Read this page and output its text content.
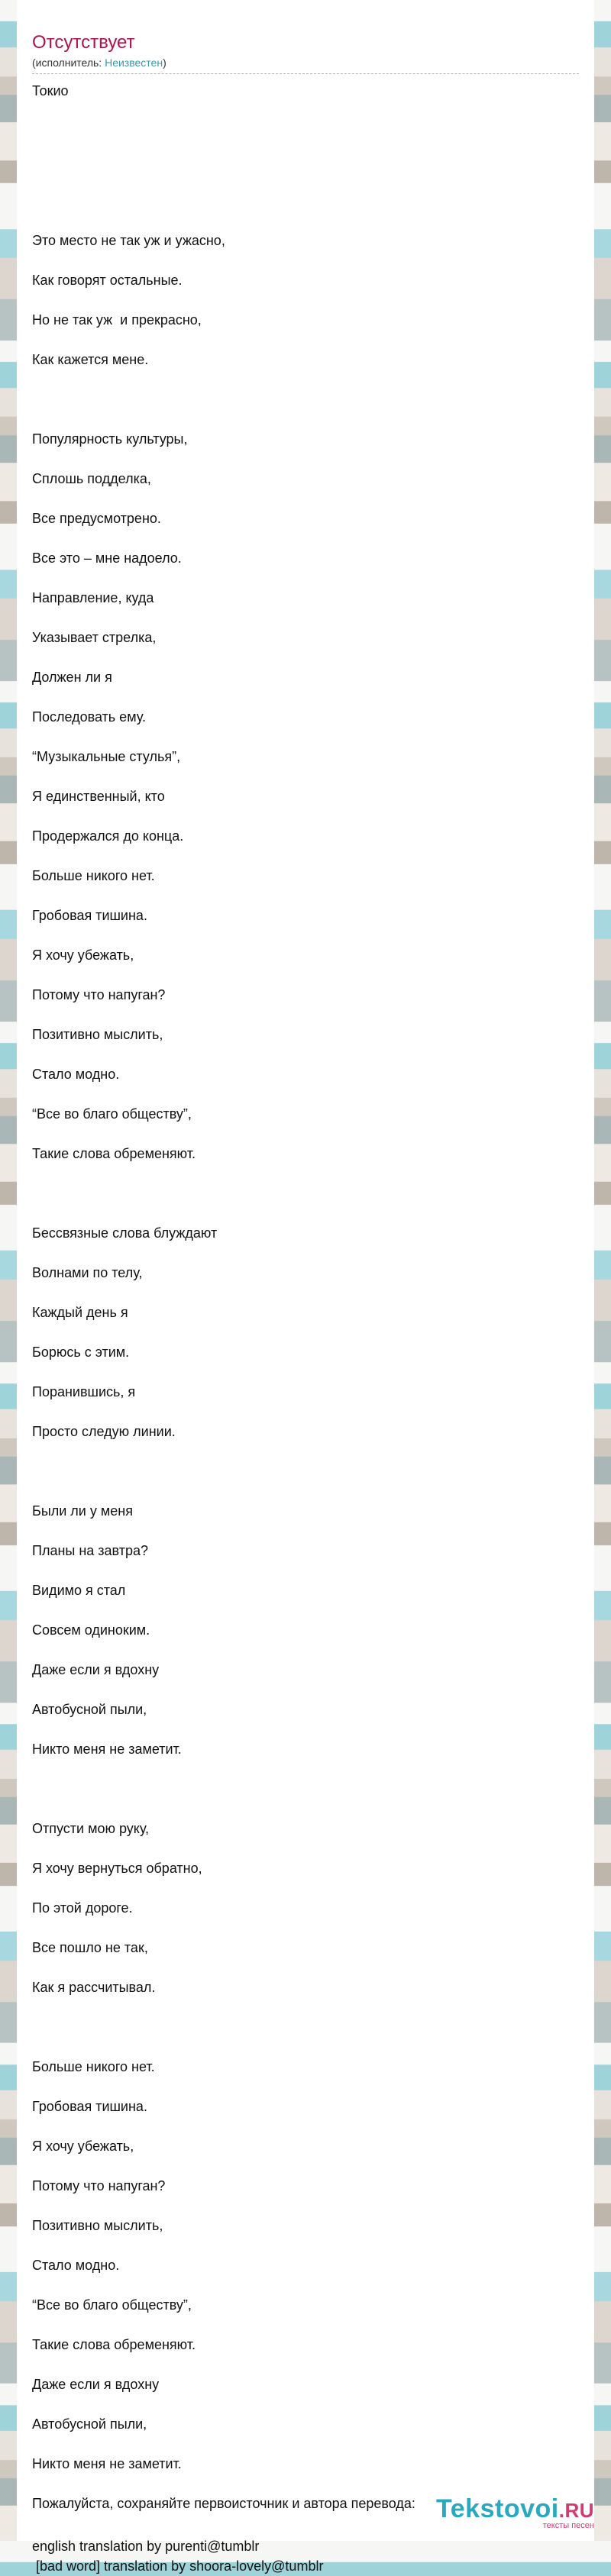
Отсутствует
(исполнитель: Неизвестен)
Токио
Это место не так уж и ужасно,
Как говорят остальные.
Но не так уж  и прекрасно,
Как кажется мене.
Популярность культуры,
Сплошь подделка,
Все предусмотрено.
Все это – мне надоело.
Направление, куда
Указывает стрелка,
Должен ли я
Последовать ему.
“Музыкальные стулья”,
Я единственный, кто
Продержался до конца.
Больше никого нет.
Гробовая тишина.
Я хочу убежать,
Потому что напуган?
Позитивно мыслить,
Стало модно.
“Все во благо обществу”,
Такие слова обременяют.
Бессвязные слова блуждают
Волнами по телу,
Каждый день я
Борюсь с этим.
Поранившись, я
Просто следую линии.
Были ли у меня
Планы на завтра?
Видимо я стал
Совсем одиноким.
Даже если я вдохну
Автобусной пыли,
Никто меня не заметит.
Отпусти мою руку,
Я хочу вернуться обратно,
По этой дороге.
Все пошло не так,
Как я рассчитывал.
Больше никого нет.
Гробовая тишина.
Я хочу убежать,
Потому что напуган?
Позитивно мыслить,
Стало модно.
“Все во благо обществу”,
Такие слова обременяют.
Даже если я вдохну
Автобусной пыли,
Никто меня не заметит.
Пожалуйста, сохраняйте первоисточник и автора перевода:
english translation by purenti@tumblr
[bad word] translation by shoora-lovely@tumblr
Tekstovoi.RU
тексты песен
